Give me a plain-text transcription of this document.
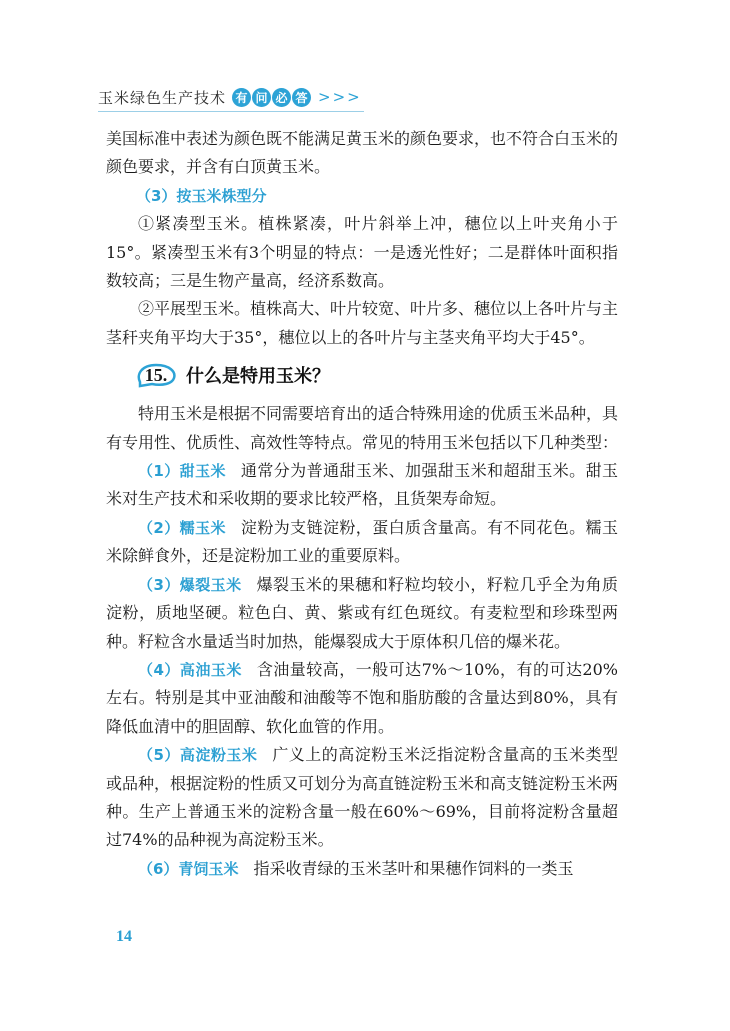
玉米绿色生产技术 有 问 必 答 >>>

美国标准中表述为颜色既不能满足黄玉米的颜色要求，也不符合白玉米的颜色要求，并含有白顶黄玉米。

（3）按玉米株型分

①紧凑型玉米。植株紧凑，叶片斜举上冲，穗位以上叶夹角小于15°。紧凑型玉米有3个明显的特点：一是透光性好；二是群体叶面积指数较高；三是生物产量高，经济系数高。

②平展型玉米。植株高大、叶片较宽、叶片多、穗位以上各叶片与主茎秆夹角平均大于35°，穗位以上的各叶片与主茎夹角平均大于45°。

15. 什么是特用玉米？

特用玉米是根据不同需要培育出的适合特殊用途的优质玉米品种，具有专用性、优质性、高效性等特点。常见的特用玉米包括以下几种类型：

（1）甜玉米 通常分为普通甜玉米、加强甜玉米和超甜玉米。甜玉米对生产技术和采收期的要求比较严格，且货架寿命短。

（2）糯玉米 淀粉为支链淀粉，蛋白质含量高。有不同花色。糯玉米除鲜食外，还是淀粉加工业的重要原料。

（3）爆裂玉米 爆裂玉米的果穗和籽粒均较小，籽粒几乎全为角质淀粉，质地坚硬。粒色白、黄、紫或有红色斑纹。有麦粒型和珍珠型两种。籽粒含水量适当时加热，能爆裂成大于原体积几倍的爆米花。

（4）高油玉米 含油量较高，一般可达7%～10%，有的可达20%左右。特别是其中亚油酸和油酸等不饱和脂肪酸的含量达到80%，具有降低血清中的胆固醇、软化血管的作用。

（5）高淀粉玉米 广义上的高淀粉玉米泛指淀粉含量高的玉米类型或品种，根据淀粉的性质又可划分为高直链淀粉玉米和高支链淀粉玉米两种。生产上普通玉米的淀粉含量一般在60%～69%，目前将淀粉含量超过74%的品种视为高淀粉玉米。

（6）青饲玉米 指采收青绿的玉米茎叶和果穗作饲料的一类玉

14
